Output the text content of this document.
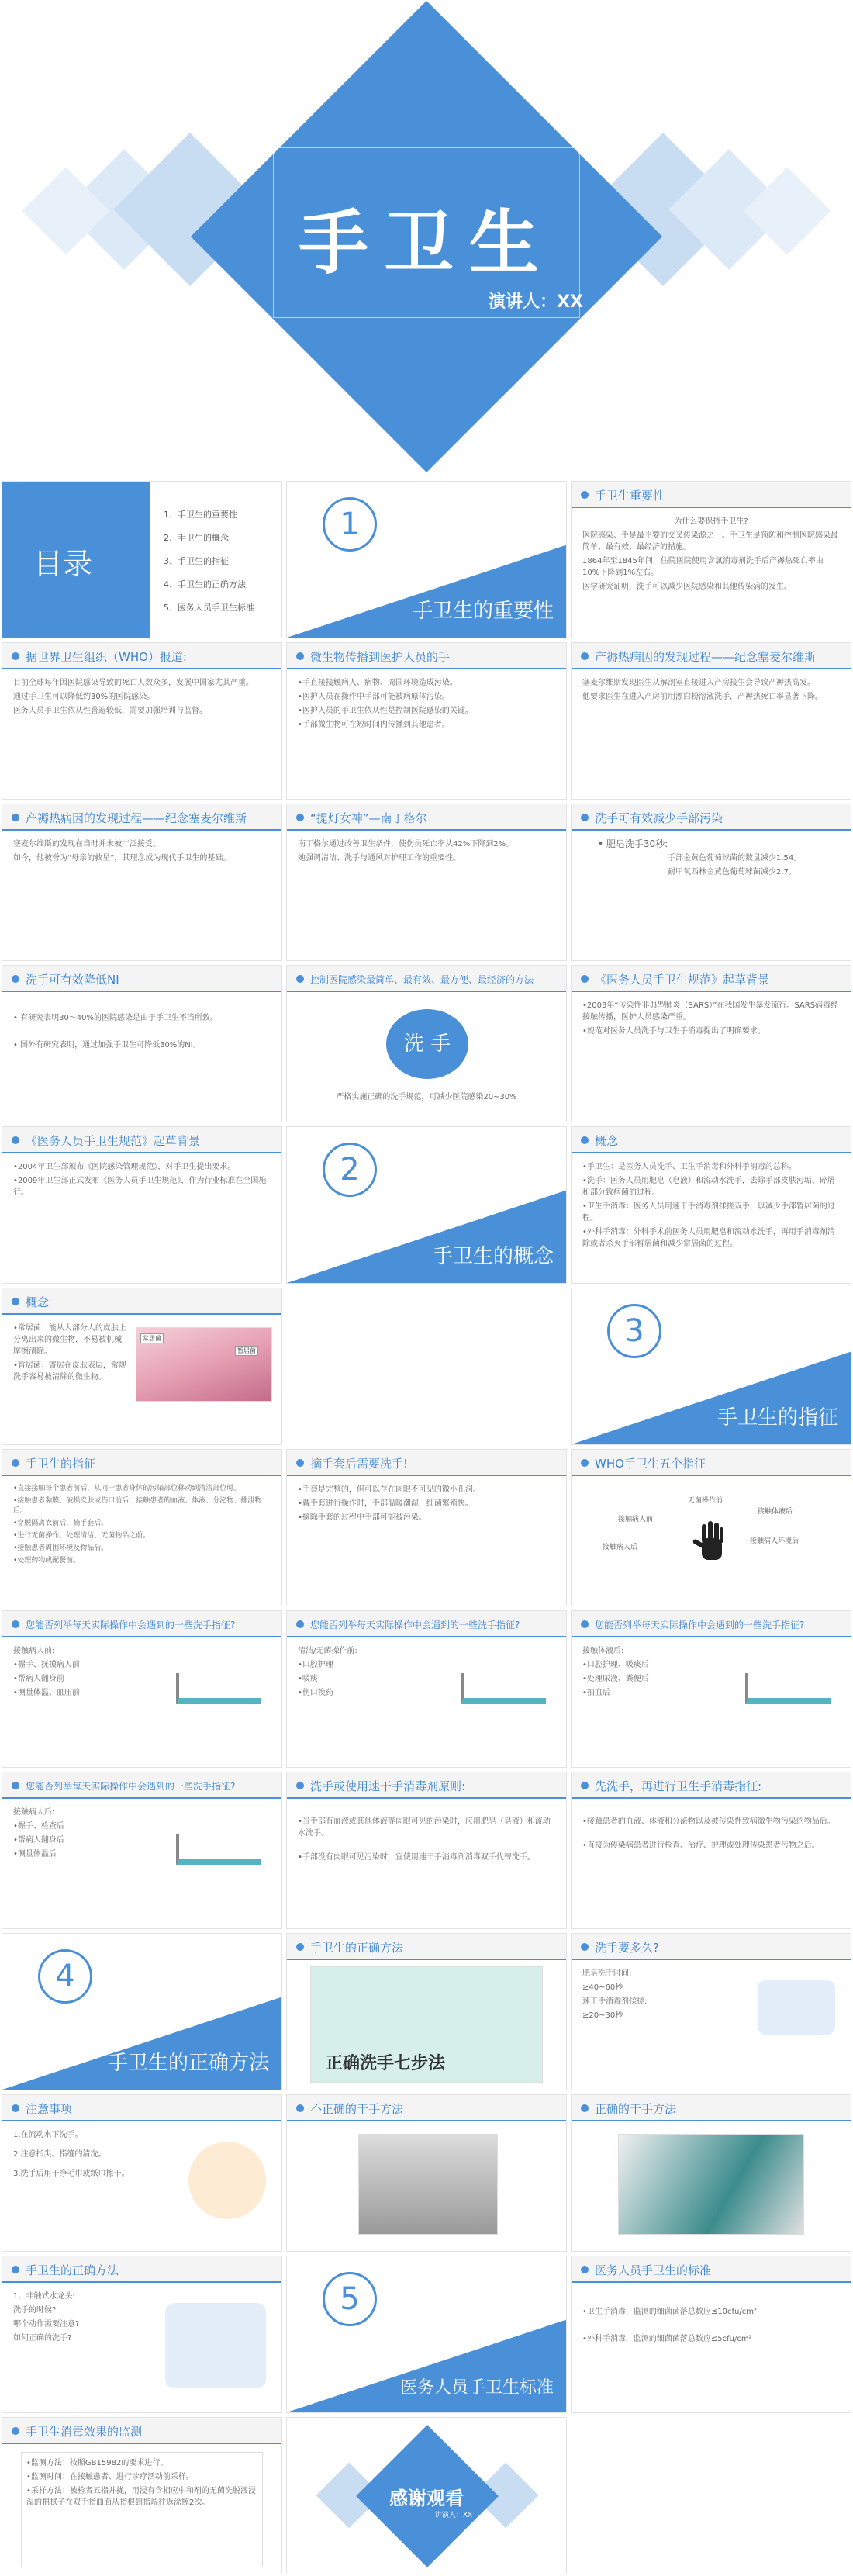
手卫生
演讲人：XX
目录
1、手卫生的重要性
2、手卫生的概念
3、手卫生的指征
4、手卫生的正确方法
5、医务人员手卫生标准
1
手卫生的重要性
手卫生重要性

为什么要保持手卫生?

医院感染、手是最主要的交叉传染源之一。手卫生是预防和控制医院感染最简单、最有效、最经济的措施。

1864年至1845年间，住院医院使用含氯消毒剂洗手后产褥热死亡率由10%下降到1%左右。

医学研究证明，洗手可以减少医院感染和其他传染病的发生。

据世界卫生组织（WHO）报道:

目前全球每年因医院感染导致的死亡人数众多，发展中国家尤其严重。

通过手卫生可以降低约30%的医院感染。

医务人员手卫生依从性普遍较低，需要加强培训与监督。

微生物传播到医护人员的手

•手直接接触病人、病物、周围环境造成污染。

•医护人员在操作中手部可能被病原体污染。

•医护人员的手卫生依从性是控制医院感染的关键。

•手部微生物可在短时间内传播到其他患者。

产褥热病因的发现过程——纪念塞麦尔维斯

塞麦尔维斯发现医生从解剖室直接进入产房接生会导致产褥热高发。

他要求医生在进入产房前用漂白粉溶液洗手，产褥热死亡率显著下降。

产褥热病因的发现过程——纪念塞麦尔维斯

塞麦尔维斯的发现在当时并未被广泛接受。

如今，他被誉为“母亲的救星”，其理念成为现代手卫生的基础。

“提灯女神”—南丁格尔

南丁格尔通过改善卫生条件，使伤员死亡率从42%下降到2%。

她强调清洁、洗手与通风对护理工作的重要性。

洗手可有效减少手部污染

• 肥皂洗手30秒:

手部金黄色葡萄球菌的数量减少1.54。

耐甲氧西林金黄色葡萄球菌减少2.7。

洗手可有效降低NI

• 有研究表明30～40%的医院感染是由于手卫生不当所致。

• 国外有研究表明，通过加强手卫生可降低30%的NI。

控制医院感染最简单、最有效、最方便、最经济的方法
洗 手
严格实施正确的洗手规范，可减少医院感染20~30%
《医务人员手卫生规范》起草背景

•2003年“传染性非典型肺炎（SARS）”在我国发生暴发流行。SARS病毒经接触传播，医护人员感染严重。

•规范对医务人员洗手与卫生手消毒提出了明确要求。

《医务人员手卫生规范》起草背景

•2004年卫生部颁布《医院感染管理规范》，对手卫生提出要求。

•2009年卫生部正式发布《医务人员手卫生规范》，作为行业标准在全国施行。

2
手卫生的概念
概念

•手卫生：是医务人员洗手、卫生手消毒和外科手消毒的总称。

•洗手：医务人员用肥皂（皂液）和流动水洗手，去除手部皮肤污垢、碎屑和部分致病菌的过程。

•卫生手消毒：医务人员用速干手消毒剂揉搓双手，以减少手部暂居菌的过程。

•外科手消毒：外科手术前医务人员用肥皂和流动水洗手，再用手消毒剂清除或者杀灭手部暂居菌和减少常居菌的过程。

概念

•常居菌：能从大部分人的皮肤上分离出来的微生物，不易被机械摩擦清除。

•暂居菌：寄居在皮肤表层，常规洗手容易被清除的微生物。

常居菌
暂居菌
3
手卫生的指征
手卫生的指征

•直接接触每个患者前后，从同一患者身体的污染部位移动到清洁部位时。

•接触患者黏膜、破损皮肤或伤口前后，接触患者的血液、体液、分泌物、排泄物后。

•穿脱隔离衣前后，摘手套后。

•进行无菌操作、处理清洁、无菌物品之前。

•接触患者周围环境及物品后。

•处理药物或配餐前。

摘手套后需要洗手!

•手套是完整的，但可以存在肉眼不可见的微小孔洞。

•戴手套进行操作时，手部温暖潮湿，细菌繁殖快。

•摘除手套的过程中手部可能被污染。

WHO手卫生五个指征
无菌操作前
接触病人前
接触病人后
接触病人环境后
接触体液后
您能否列举每天实际操作中会遇到的一些洗手指征?

接触病人前:

•握手、抚摸病人前

•帮病人翻身前

•测量体温、血压前

您能否列举每天实际操作中会遇到的一些洗手指征?

清洁/无菌操作前:

•口腔护理

•吸痰

•伤口换药

您能否列举每天实际操作中会遇到的一些洗手指征?

接触体液后:

•口腔护理、吸痰后

•处理尿液、粪便后

•抽血后

您能否列举每天实际操作中会遇到的一些洗手指征?

接触病人后:

•握手、检查后

•帮病人翻身后

•测量体温后

洗手或使用速干手消毒剂原则:

•当手部有血液或其他体液等肉眼可见的污染时，应用肥皂（皂液）和流动水洗手。

•手部没有肉眼可见污染时，宜使用速干手消毒剂消毒双手代替洗手。

先洗手，再进行卫生手消毒指征:

•接触患者的血液、体液和分泌物以及被传染性致病微生物污染的物品后。

•直接为传染病患者进行检查、治疗、护理或处理传染患者污物之后。

4
手卫生的正确方法
手卫生的正确方法
正确洗手七步法
洗手要多久?

肥皂洗手时间:

≥40~60秒

速干手消毒剂揉搓:

≥20~30秒

注意事项

1.在流动水下洗手。

2.注意指尖、指缝的清洗。

3.洗手后用干净毛巾或纸巾擦干。

不正确的干手方法	正确的干手方法
手卫生的正确方法

1、非触式水龙头:

洗手的时候?

哪个动作需要注意?

如何正确的洗手?

5
医务人员手卫生标准
医务人员手卫生的标准

•卫生手消毒，监测的细菌菌落总数应≤10cfu/cm²

•外科手消毒，监测的细菌菌落总数应≤5cfu/cm²

手卫生消毒效果的监测

•监测方法：按照GB15982的要求进行。

•监测时间：在接触患者、进行诊疗活动前采样。

•采样方法：被检者五指并拢，用浸有含相应中和剂的无菌洗脱液浸湿的棉拭子在双手指曲面从指根到指端往返涂擦2次。	感谢观看
讲演人：XX
